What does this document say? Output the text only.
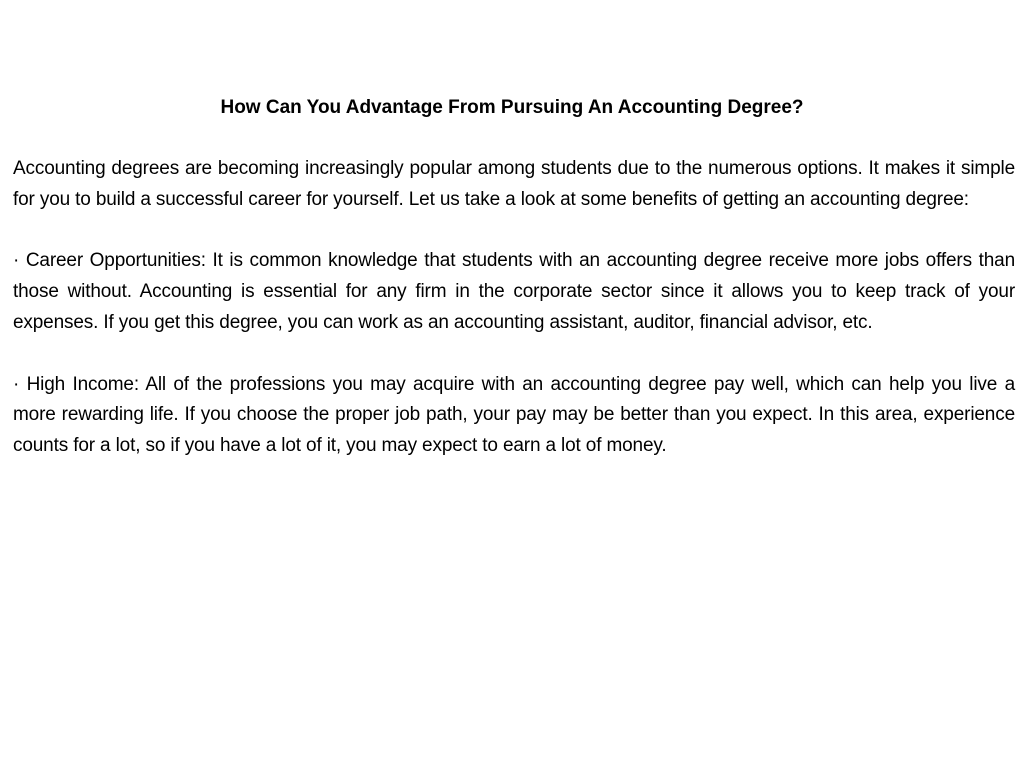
How Can You Advantage From Pursuing An Accounting Degree?

Accounting degrees are becoming increasingly popular among students due to the numerous options. It makes it simple for you to build a successful career for yourself. Let us take a look at some benefits of getting an accounting degree:

· Career Opportunities: It is common knowledge that students with an accounting degree receive more jobs offers than those without. Accounting is essential for any firm in the corporate sector since it allows you to keep track of your expenses. If you get this degree, you can work as an accounting assistant, auditor, financial advisor, etc.

· High Income: All of the professions you may acquire with an accounting degree pay well, which can help you live a more rewarding life. If you choose the proper job path, your pay may be better than you expect. In this area, experience counts for a lot, so if you have a lot of it, you may expect to earn a lot of money.
